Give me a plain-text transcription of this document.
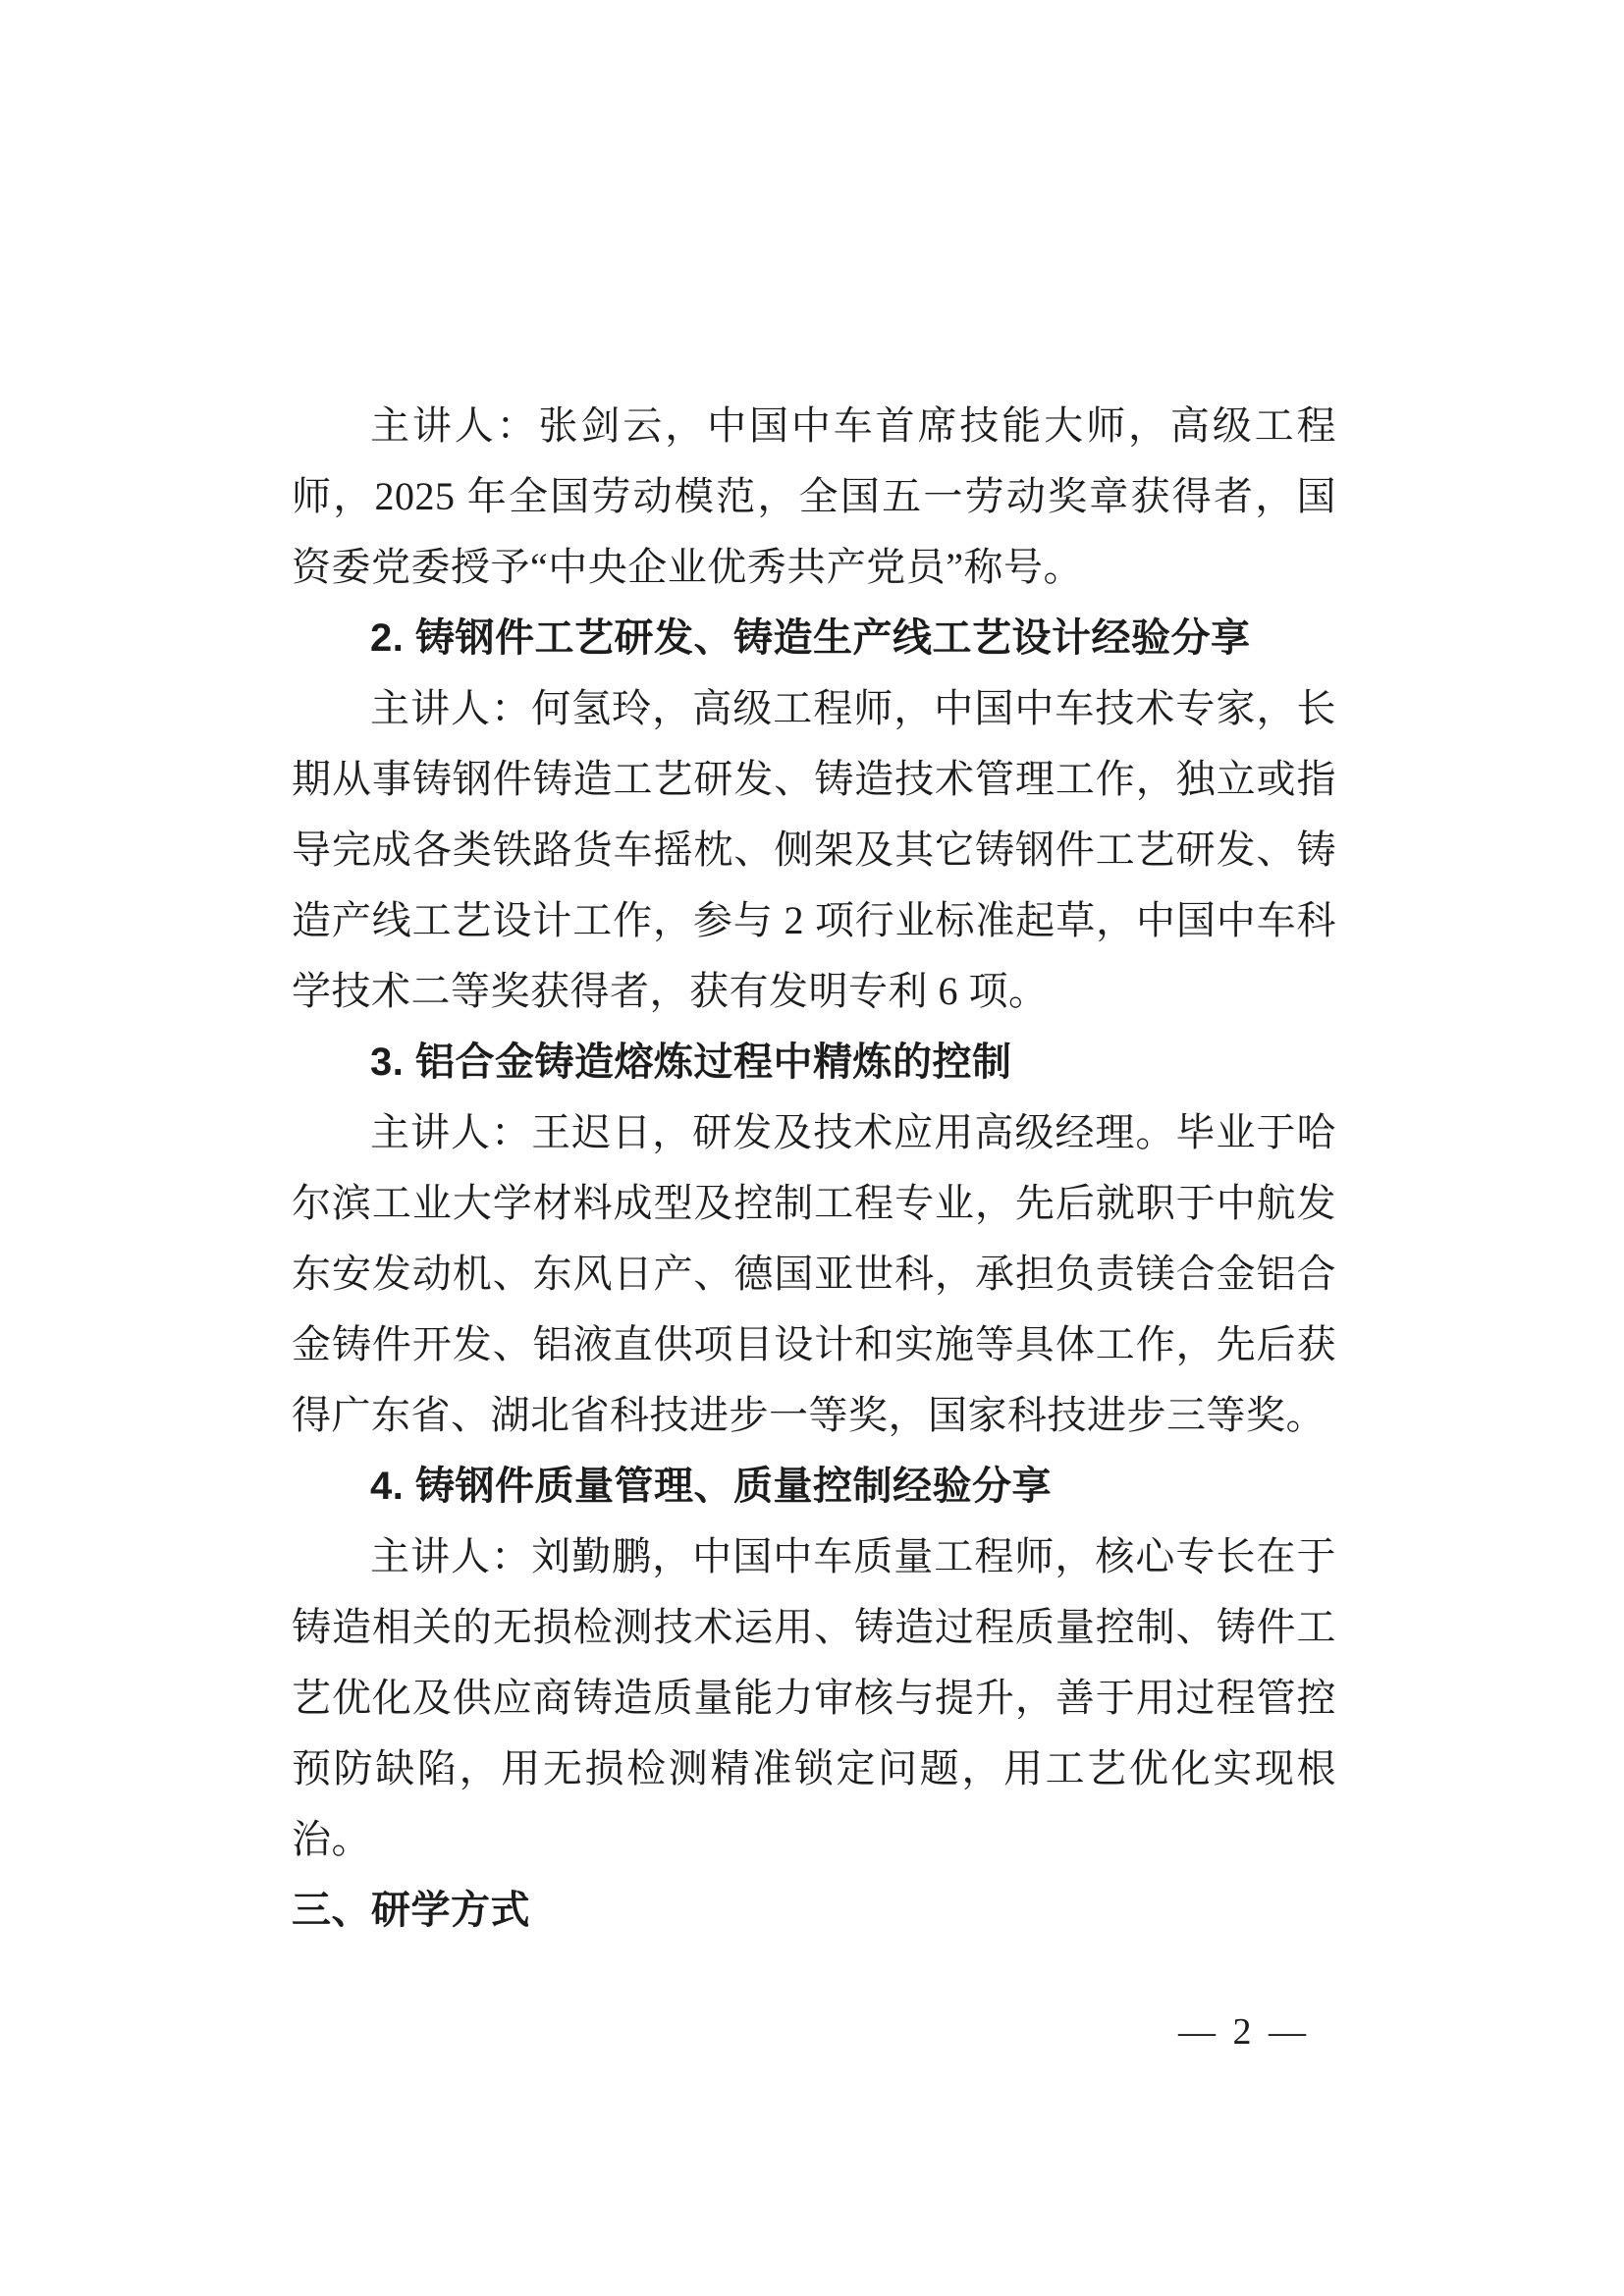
主讲人：张剑云，中国中车首席技能大师，高级工程师，2025 年全国劳动模范，全国五一劳动奖章获得者，国资委党委授予“中央企业优秀共产党员”称号。

2. 铸钢件工艺研发、铸造生产线工艺设计经验分享

主讲人：何氢玲，高级工程师，中国中车技术专家，长期从事铸钢件铸造工艺研发、铸造技术管理工作，独立或指导完成各类铁路货车摇枕、侧架及其它铸钢件工艺研发、铸造产线工艺设计工作，参与 2 项行业标准起草，中国中车科学技术二等奖获得者，获有发明专利 6 项。

3. 铝合金铸造熔炼过程中精炼的控制

主讲人：王迟日，研发及技术应用高级经理。毕业于哈尔滨工业大学材料成型及控制工程专业，先后就职于中航发东安发动机、东风日产、德国亚世科，承担负责镁合金铝合金铸件开发、铝液直供项目设计和实施等具体工作，先后获得广东省、湖北省科技进步一等奖，国家科技进步三等奖。

4. 铸钢件质量管理、质量控制经验分享

主讲人：刘勤鹏，中国中车质量工程师，核心专长在于铸造相关的无损检测技术运用、铸造过程质量控制、铸件工艺优化及供应商铸造质量能力审核与提升，善于用过程管控预防缺陷，用无损检测精准锁定问题，用工艺优化实现根治。

三、研学方式
— 2 —
